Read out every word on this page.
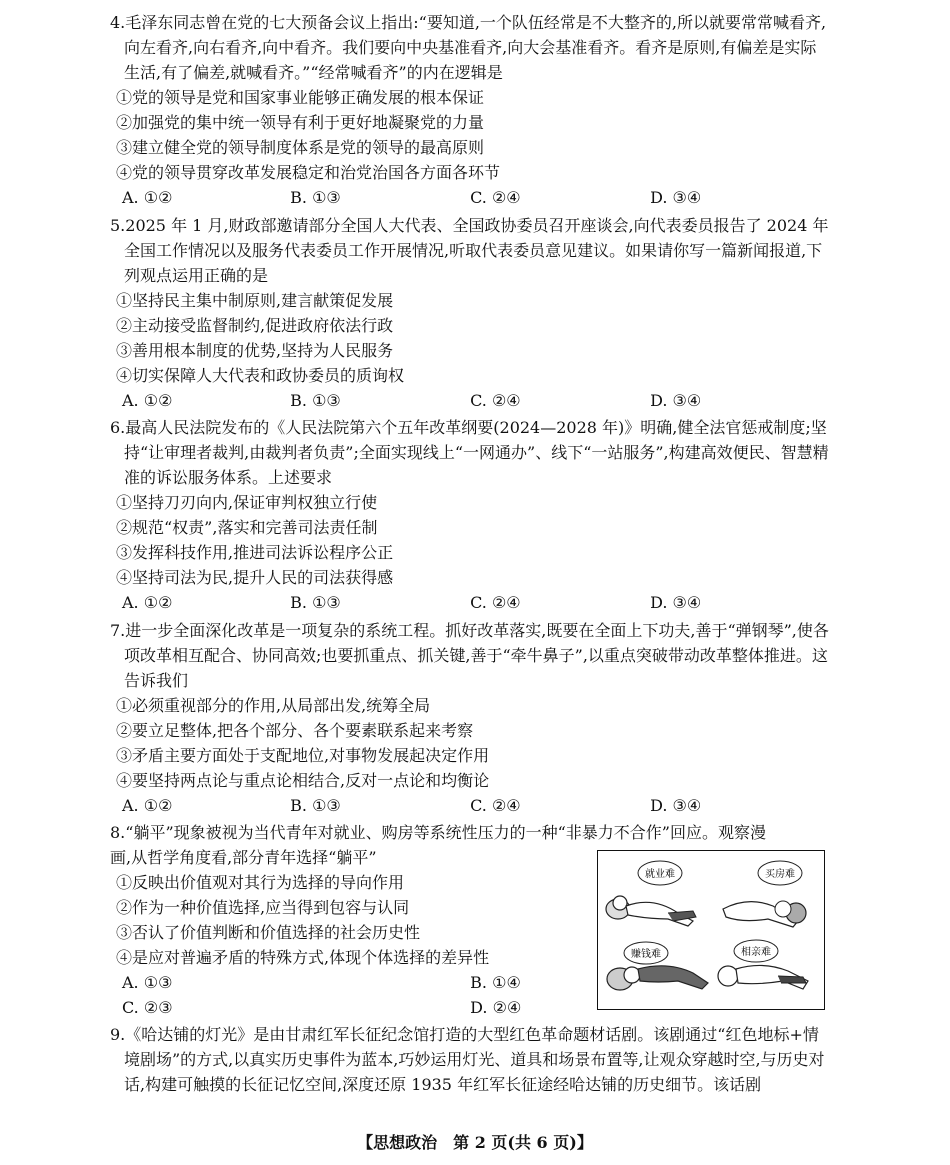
4.毛泽东同志曾在党的七大预备会议上指出:“要知道,一个队伍经常是不大整齐的,所以就要常常喊看齐,向左看齐,向右看齐,向中看齐。我们要向中央基准看齐,向大会基准看齐。看齐是原则,有偏差是实际生活,有了偏差,就喊看齐。”“经常喊看齐”的内在逻辑是
①党的领导是党和国家事业能够正确发展的根本保证
②加强党的集中统一领导有利于更好地凝聚党的力量
③建立健全党的领导制度体系是党的领导的最高原则
④党的领导贯穿改革发展稳定和治党治国各方面各环节
A. ①②	B. ①③	C. ②④	D. ③④
5.2025 年 1 月,财政部邀请部分全国人大代表、全国政协委员召开座谈会,向代表委员报告了 2024 年全国工作情况以及服务代表委员工作开展情况,听取代表委员意见建议。如果请你写一篇新闻报道,下列观点运用正确的是
①坚持民主集中制原则,建言献策促发展
②主动接受监督制约,促进政府依法行政
③善用根本制度的优势,坚持为人民服务
④切实保障人大代表和政协委员的质询权
A. ①②	B. ①③	C. ②④	D. ③④
6.最高人民法院发布的《人民法院第六个五年改革纲要(2024—2028 年)》明确,健全法官惩戒制度;坚持“让审理者裁判,由裁判者负责”;全面实现线上“一网通办”、线下“一站服务”,构建高效便民、智慧精准的诉讼服务体系。上述要求
①坚持刀刃向内,保证审判权独立行使
②规范“权责”,落实和完善司法责任制
③发挥科技作用,推进司法诉讼程序公正
④坚持司法为民,提升人民的司法获得感
A. ①②	B. ①③	C. ②④	D. ③④
7.进一步全面深化改革是一项复杂的系统工程。抓好改革落实,既要在全面上下功夫,善于“弹钢琴”,使各项改革相互配合、协同高效;也要抓重点、抓关键,善于“牵牛鼻子”,以重点突破带动改革整体推进。这告诉我们
①必须重视部分的作用,从局部出发,统筹全局
②要立足整体,把各个部分、各个要素联系起来考察
③矛盾主要方面处于支配地位,对事物发展起决定作用
④要坚持两点论与重点论相结合,反对一点论和均衡论
A. ①②	B. ①③	C. ②④	D. ③④
8.“躺平”现象被视为当代青年对就业、购房等系统性压力的一种“非暴力不合作”回应。观察漫
画,从哲学角度看,部分青年选择“躺平”
①反映出价值观对其行为选择的导向作用
②作为一种价值选择,应当得到包容与认同
③否认了价值判断和价值选择的社会历史性
④是应对普遍矛盾的特殊方式,体现个体选择的差异性
A. ①③	B. ①④
C. ②③	D. ②④
就业难	买房难
赚钱难	相亲难
9.《哈达铺的灯光》是由甘肃红军长征纪念馆打造的大型红色革命题材话剧。该剧通过“红色地标+情境剧场”的方式,以真实历史事件为蓝本,巧妙运用灯光、道具和场景布置等,让观众穿越时空,与历史对话,构建可触摸的长征记忆空间,深度还原 1935 年红军长征途经哈达铺的历史细节。该话剧
【思想政治　第 2 页(共 6 页)】
